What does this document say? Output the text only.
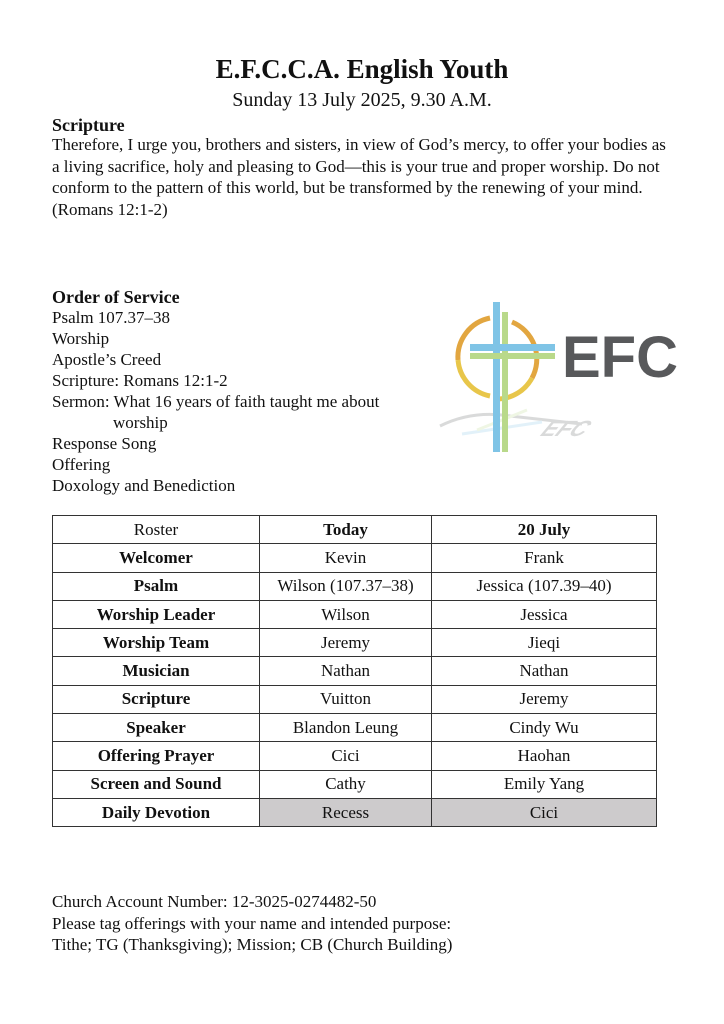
E.F.C.C.A. English Youth
Sunday 13 July 2025, 9.30 A.M.
Scripture
Therefore, I urge you, brothers and sisters, in view of God’s mercy, to offer your bodies as a living sacrifice, holy and pleasing to God—this is your true and proper worship. Do not conform to the pattern of this world, but be transformed by the renewing of your mind. (Romans 12:1-2)
Order of Service
Psalm 107.37–38
Worship
Apostle’s Creed
Scripture: Romans 12:1-2
Sermon: What 16 years of faith taught me about
worship
Response Song
Offering
Doxology and Benediction
EFC
EFC
Roster	Today	20 July
Welcomer	Kevin	Frank
Psalm	Wilson (107.37–38)	Jessica (107.39–40)
Worship Leader	Wilson	Jessica
Worship Team	Jeremy	Jieqi
Musician	Nathan	Nathan
Scripture	Vuitton	Jeremy
Speaker	Blandon Leung	Cindy Wu
Offering Prayer	Cici	Haohan
Screen and Sound	Cathy	Emily Yang
Daily Devotion	Recess	Cici
Church Account Number: 12-3025-0274482-50
Please tag offerings with your name and intended purpose:
Tithe; TG (Thanksgiving); Mission; CB (Church Building)
